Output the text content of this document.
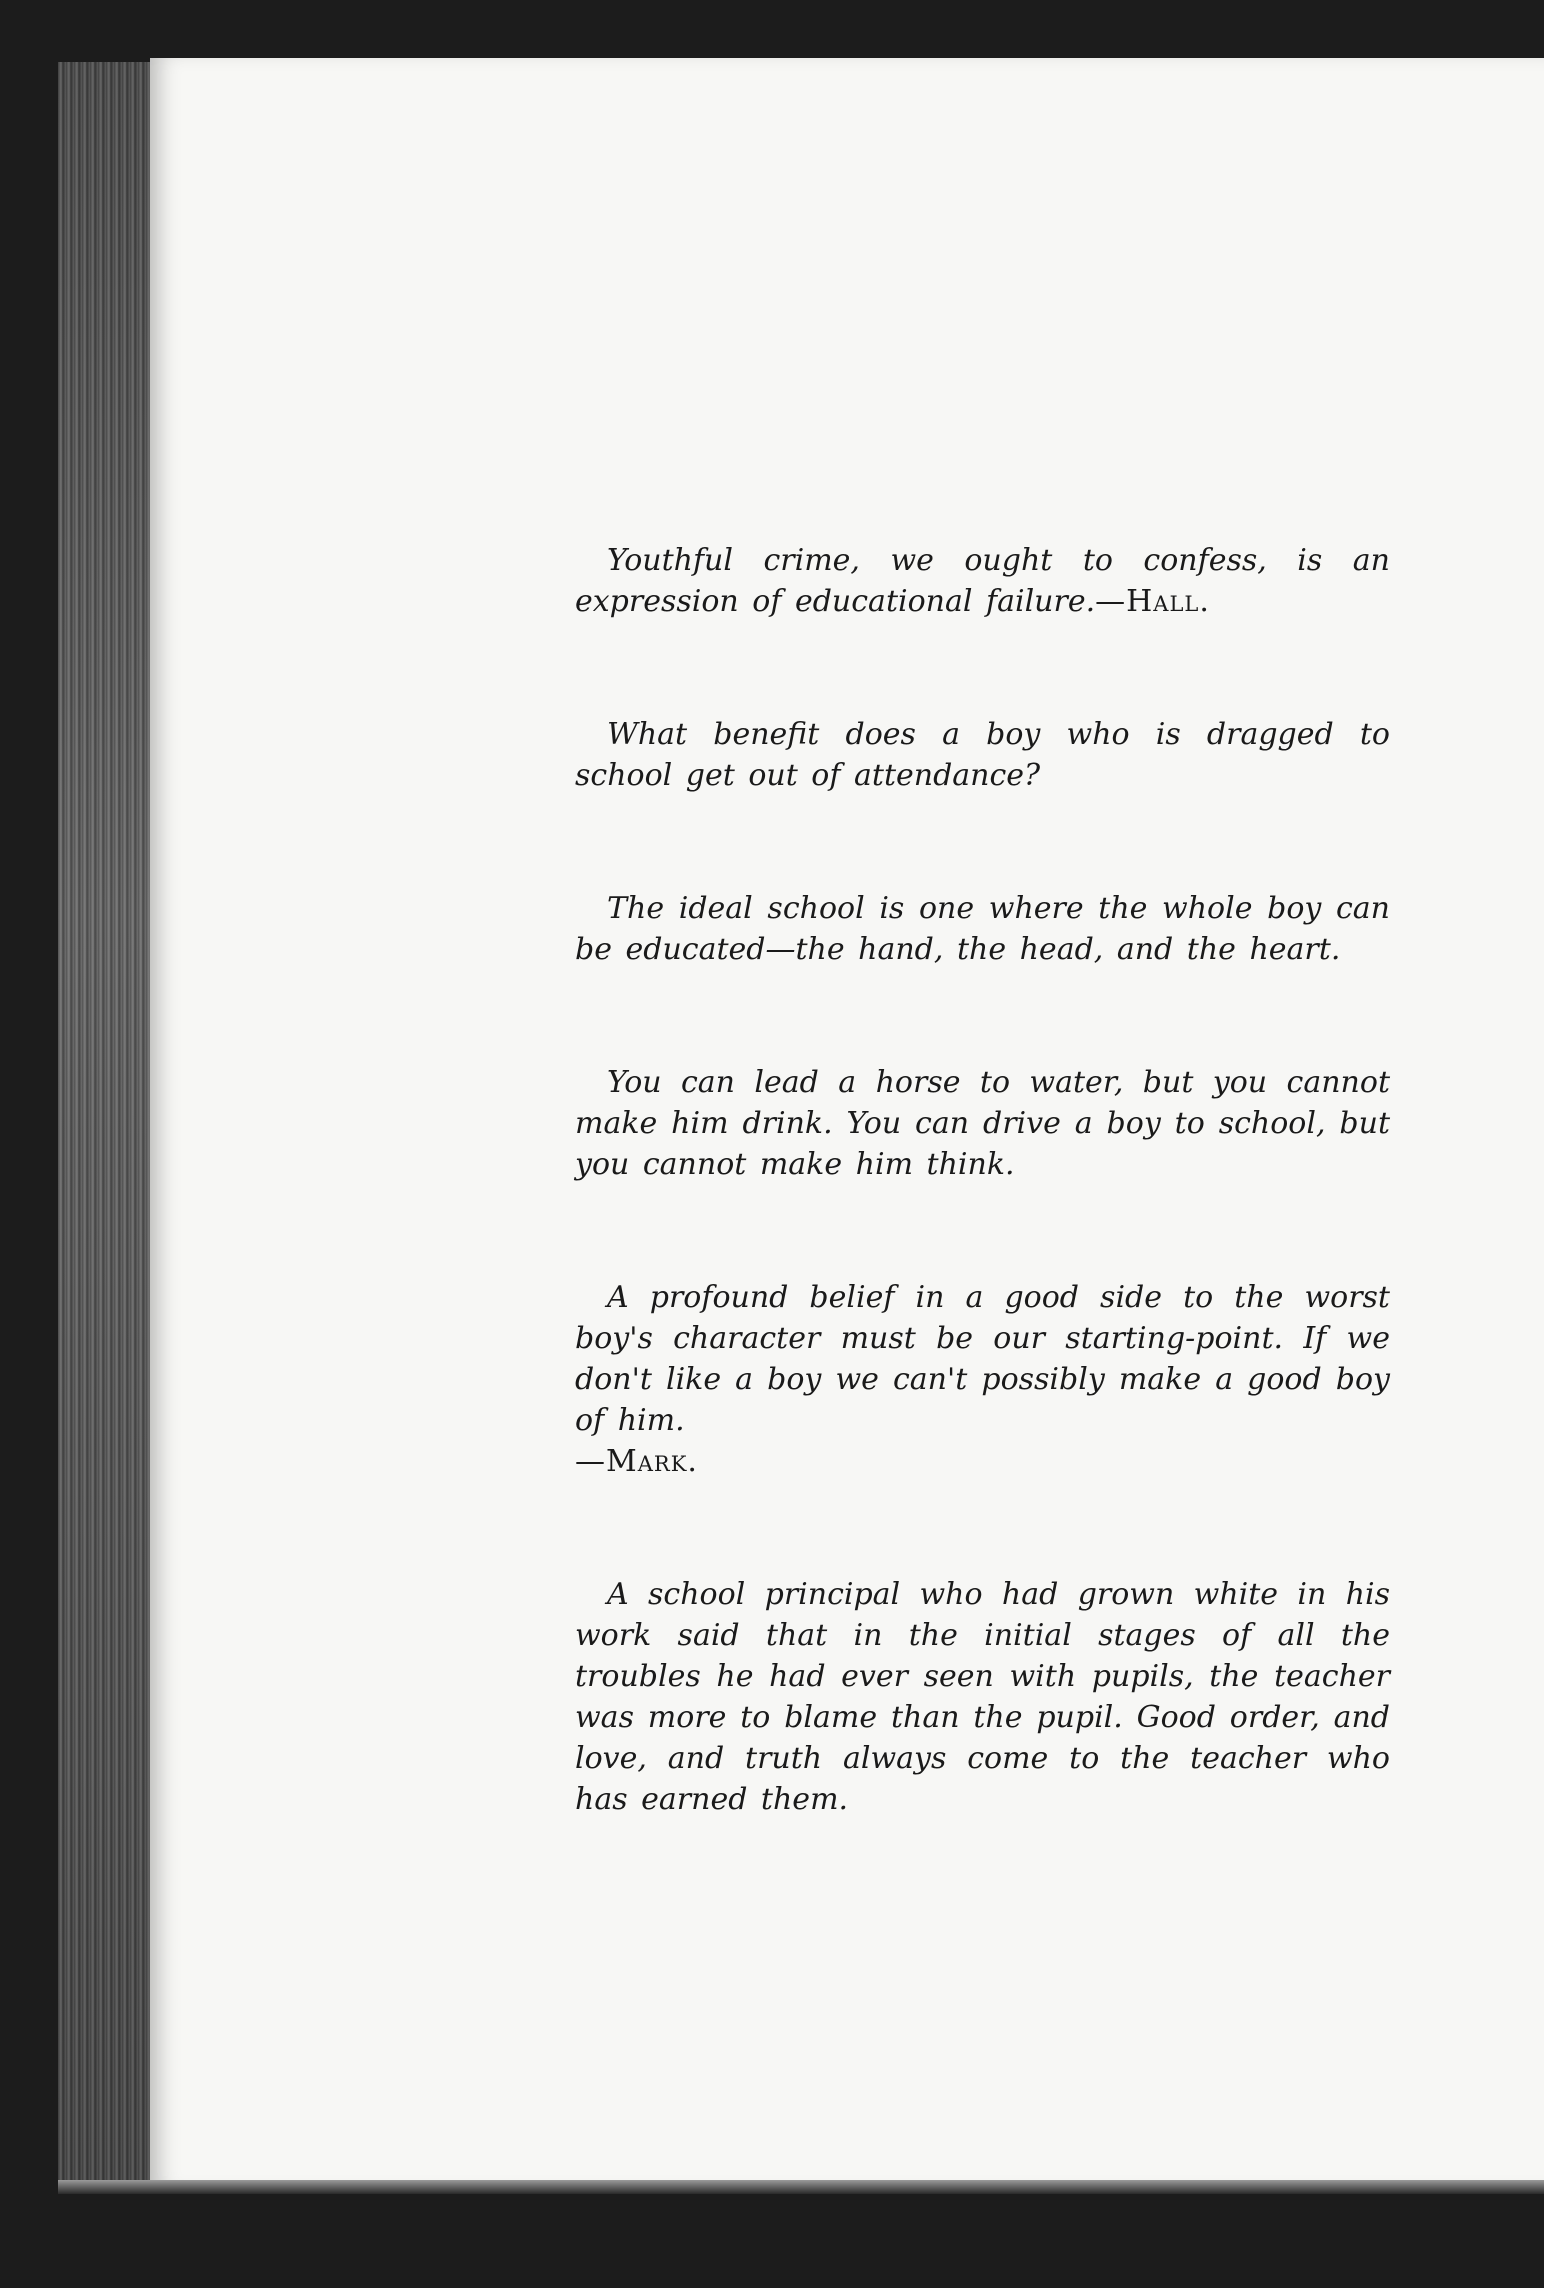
Youthful crime, we ought to confess, is an expression of educational failure.—Hall.

What benefit does a boy who is dragged to school get out of attendance?

The ideal school is one where the whole boy can be educated—the hand, the head, and the heart.

You can lead a horse to water, but you cannot make him drink. You can drive a boy to school, but you cannot make him think.

A profound belief in a good side to the worst boy's character must be our starting-point. If we don't like a boy we can't possibly make a good boy of him.
—Mark.

A school principal who had grown white in his work said that in the initial stages of all the troubles he had ever seen with pupils, the teacher was more to blame than the pupil. Good order, and love, and truth always come to the teacher who has earned them.
